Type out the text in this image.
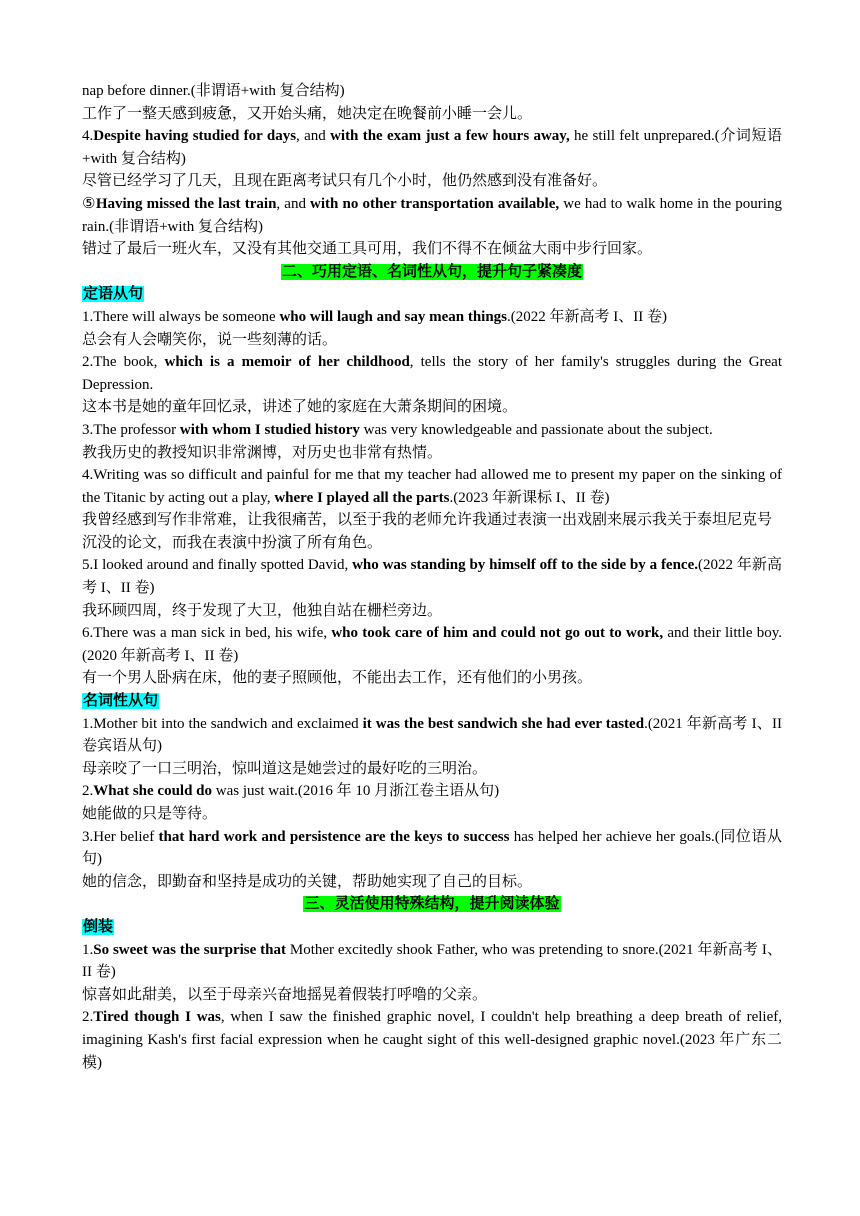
nap before dinner.(非谓语+with 复合结构)

工作了一整天感到疲惫，又开始头痛，她决定在晚餐前小睡一会儿。

4.Despite having studied for days, and with the exam just a few hours away, he still felt unprepared.(介词短语+with 复合结构)

尽管已经学习了几天，且现在距离考试只有几个小时，他仍然感到没有准备好。

⑤Having missed the last train, and with no other transportation available, we had to walk home in the pouring rain.(非谓语+with 复合结构)

错过了最后一班火车，又没有其他交通工具可用，我们不得不在倾盆大雨中步行回家。

二、巧用定语、名词性从句，提升句子紧凑度

定语从句

1.There will always be someone who will laugh and say mean things.(2022 年新高考 I、II 卷)

总会有人会嘲笑你，说一些刻薄的话。

2.The book, which is a memoir of her childhood, tells the story of her family's struggles during the Great Depression.

这本书是她的童年回忆录，讲述了她的家庭在大萧条期间的困境。

3.The professor with whom I studied history was very knowledgeable and passionate about the subject.

教我历史的教授知识非常渊博，对历史也非常有热情。

4.Writing was so difficult and painful for me that my teacher had allowed me to present my paper on the sinking of the Titanic by acting out a play, where I played all the parts.(2023 年新课标 I、II 卷)

我曾经感到写作非常难，让我很痛苦，以至于我的老师允许我通过表演一出戏剧来展示我关于泰坦尼克号沉没的论文，而我在表演中扮演了所有角色。

5.I looked around and finally spotted David, who was standing by himself off to the side by a fence.(2022 年新高考 I、II 卷)

我环顾四周，终于发现了大卫，他独自站在栅栏旁边。

6.There was a man sick in bed, his wife, who took care of him and could not go out to work, and their little boy.(2020 年新高考 I、II 卷)

有一个男人卧病在床，他的妻子照顾他，不能出去工作，还有他们的小男孩。

名词性从句

1.Mother bit into the sandwich and exclaimed it was the best sandwich she had ever tasted.(2021 年新高考 I、II 卷宾语从句)

母亲咬了一口三明治，惊叫道这是她尝过的最好吃的三明治。

2.What she could do was just wait.(2016 年 10 月浙江卷主语从句)

她能做的只是等待。

3.Her belief that hard work and persistence are the keys to success has helped her achieve her goals.(同位语从句)

她的信念，即勤奋和坚持是成功的关键，帮助她实现了自己的目标。

三、灵活使用特殊结构，提升阅读体验

倒装

1.So sweet was the surprise that Mother excitedly shook Father, who was pretending to snore.(2021 年新高考 I、II 卷)

惊喜如此甜美，以至于母亲兴奋地摇晃着假装打呼噜的父亲。

2.Tired though I was, when I saw the finished graphic novel, I couldn't help breathing a deep breath of relief, imagining Kash's first facial expression when he caught sight of this well-designed graphic novel.(2023 年广东二模)
